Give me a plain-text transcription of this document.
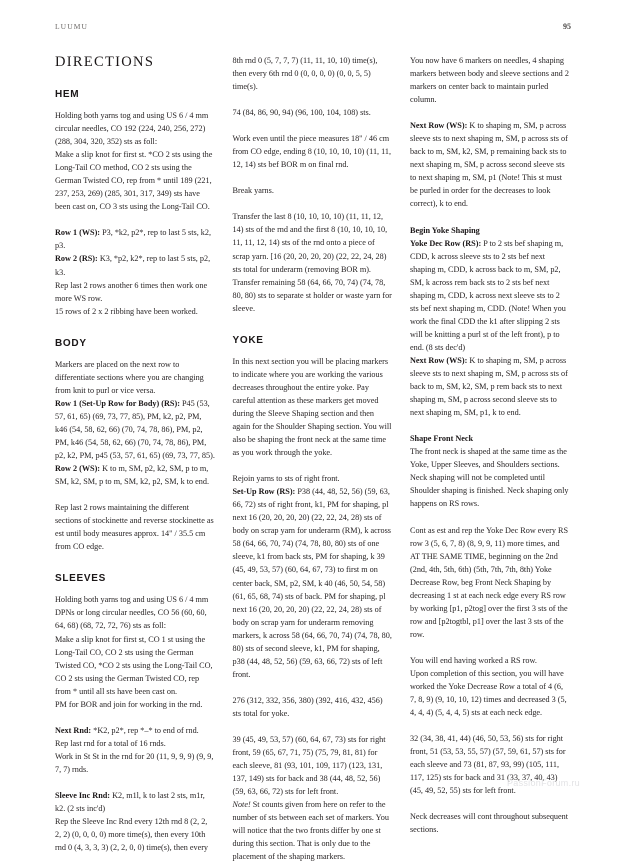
LUUMU	95
DIRECTIONS
HEM

Holding both yarns tog and using US 6 / 4 mm circular needles, CO 192 (224, 240, 256, 272) (288, 304, 320, 352) sts as foll:

Make a slip knot for first st. *CO 2 sts using the Long-Tail CO method, CO 2 sts using the German Twisted CO, rep from * until 189 (221, 237, 253, 269) (285, 301, 317, 349) sts have been cast on, CO 3 sts using the Long-Tail CO.

Row 1 (WS): P3, *k2, p2*, rep to last 5 sts, k2, p3.

Row 2 (RS): K3, *p2, k2*, rep to last 5 sts, p2, k3.

Rep last 2 rows another 6 times then work one more WS row.

15 rows of 2 x 2 ribbing have been worked.

BODY

Markers are placed on the next row to differentiate sections where you are changing from knit to purl or vice versa.

Row 1 (Set-Up Row for Body) (RS): P45 (53, 57, 61, 65) (69, 73, 77, 85), PM, k2, p2, PM, k46 (54, 58, 62, 66) (70, 74, 78, 86), PM, p2, PM, k46 (54, 58, 62, 66) (70, 74, 78, 86), PM, p2, k2, PM, p45 (53, 57, 61, 65) (69, 73, 77, 85).

Row 2 (WS): K to m, SM, p2, k2, SM, p to m, SM, k2, SM, p to m, SM, k2, p2, SM, k to end.

Rep last 2 rows maintaining the different sections of stockinette and reverse stockinette as est until body measures approx. 14" / 35.5 cm from CO edge.

SLEEVES

Holding both yarns tog and using US 6 / 4 mm DPNs or long circular needles, CO 56 (60, 60, 64, 68) (68, 72, 72, 76) sts as foll:

Make a slip knot for first st, CO 1 st using the Long-Tail CO, CO 2 sts using the German Twisted CO, *CO 2 sts using the Long-Tail CO, CO 2 sts using the German Twisted CO, rep from * until all sts have been cast on.

PM for BOR and join for working in the rnd.

Next Rnd: *K2, p2*, rep *–* to end of rnd.

Rep last rnd for a total of 16 rnds.

Work in St St in the rnd for 20 (11, 9, 9, 9) (9, 9, 7, 7) rnds.

Sleeve Inc Rnd: K2, m1l, k to last 2 sts, m1r, k2. (2 sts inc'd)

Rep the Sleeve Inc Rnd every 12th rnd 8 (2, 2, 2, 2) (0, 0, 0, 0) more time(s), then every 10th rnd 0 (4, 3, 3, 3) (2, 2, 0, 0) time(s), then every

8th rnd 0 (5, 7, 7, 7) (11, 11, 10, 10) time(s), then every 6th rnd 0 (0, 0, 0, 0) (0, 0, 5, 5) time(s).

74 (84, 86, 90, 94) (96, 100, 104, 108) sts.

Work even until the piece measures 18" / 46 cm from CO edge, ending 8 (10, 10, 10, 10) (11, 11, 12, 14) sts bef BOR m on final rnd.

Break yarns.

Transfer the last 8 (10, 10, 10, 10) (11, 11, 12, 14) sts of the rnd and the first 8 (10, 10, 10, 10, 11, 11, 12, 14) sts of the rnd onto a piece of scrap yarn. [16 (20, 20, 20, 20) (22, 22, 24, 28) sts total for underarm (removing BOR m). Transfer remaining 58 (64, 66, 70, 74) (74, 78, 80, 80) sts to separate st holder or waste yarn for sleeve.

YOKE

In this next section you will be placing markers to indicate where you are working the various decreases throughout the entire yoke. Pay careful attention as these markers get moved during the Sleeve Shaping section and then again for the Shoulder Shaping section. You will also be shaping the front neck at the same time as you work through the yoke.

Rejoin yarns to sts of right front.

Set-Up Row (RS): P38 (44, 48, 52, 56) (59, 63, 66, 72) sts of right front, k1, PM for shaping, pl next 16 (20, 20, 20, 20) (22, 22, 24, 28) sts of body on scrap yarn for underarm (RM), k across 58 (64, 66, 70, 74) (74, 78, 80, 80) sts of one sleeve, k1 from back sts, PM for shaping, k 39 (45, 49, 53, 57) (60, 64, 67, 73) to first m on center back, SM, p2, SM, k 40 (46, 50, 54, 58) (61, 65, 68, 74) sts of back. PM for shaping, pl next 16 (20, 20, 20, 20) (22, 22, 24, 28) sts of body on scrap yarn for underarm removing markers, k across 58 (64, 66, 70, 74) (74, 78, 80, 80) sts of second sleeve, k1, PM for shaping, p38 (44, 48, 52, 56) (59, 63, 66, 72) sts of left front.

276 (312, 332, 356, 380) (392, 416, 432, 456) sts total for yoke.

39 (45, 49, 53, 57) (60, 64, 67, 73) sts for right front, 59 (65, 67, 71, 75) (75, 79, 81, 81) for each sleeve, 81 (93, 101, 109, 117) (123, 131, 137, 149) sts for back and 38 (44, 48, 52, 56) (59, 63, 66, 72) sts for left front.

Note! St counts given from here on refer to the number of sts between each set of markers. You will notice that the two fronts differ by one st during this section. That is only due to the placement of the shaping markers.

You now have 6 markers on needles, 4 shaping markers between body and sleeve sections and 2 markers on center back to maintain purled column.

Next Row (WS): K to shaping m, SM, p across sleeve sts to next shaping m, SM, p across sts of back to m, SM, k2, SM, p remaining back sts to next shaping m, SM, p across second sleeve sts to next shaping m, SM, p1 (Note! This st must be purled in order for the decreases to look correct), k to end.

Begin Yoke Shaping

Yoke Dec Row (RS): P to 2 sts bef shaping m, CDD, k across sleeve sts to 2 sts bef next shaping m, CDD, k across back to m, SM, p2, SM, k across rem back sts to 2 sts bef next shaping m, CDD, k across next sleeve sts to 2 sts bef next shaping m, CDD. (Note! When you work the final CDD the k1 after slipping 2 sts will be knitting a purl st of the left front), p to end. (8 sts dec'd)

Next Row (WS): K to shaping m, SM, p across sleeve sts to next shaping m, SM, p across sts of back to m, SM, k2, SM, p rem back sts to next shaping m, SM, p across second sleeve sts to next shaping m, SM, p1, k to end.

Shape Front Neck

The front neck is shaped at the same time as the Yoke, Upper Sleeves, and Shoulders sections. Neck shaping will not be completed until Shoulder shaping is finished. Neck shaping only happens on RS rows.

Cont as est and rep the Yoke Dec Row every RS row 3 (5, 6, 7, 8) (8, 9, 9, 11) more times, and AT THE SAME TIME, beginning on the 2nd (2nd, 4th, 5th, 6th) (5th, 7th, 7th, 8th) Yoke Decrease Row, beg Front Neck Shaping by decreasing 1 st at each neck edge every RS row by working [p1, p2tog] over the first 3 sts of the row and [p2togtbl, p1] over the last 3 sts of the row.

You will end having worked a RS row.

Upon completion of this section, you will have worked the Yoke Decrease Row a total of 4 (6, 7, 8, 9) (9, 10, 10, 12) times and decreased 3 (5, 4, 4, 4) (5, 4, 4, 5) sts at each neck edge.

32 (34, 38, 41, 44) (46, 50, 53, 56) sts for right front, 51 (53, 53, 55, 57) (57, 59, 61, 57) sts for each sleeve and 73 (81, 87, 93, 99) (105, 111, 117, 125) sts for back and 31 (33, 37, 40, 43) (45, 49, 52, 55) sts for left front.

Neck decreases will cont throughout subsequent sections.

PassionForum.ru
